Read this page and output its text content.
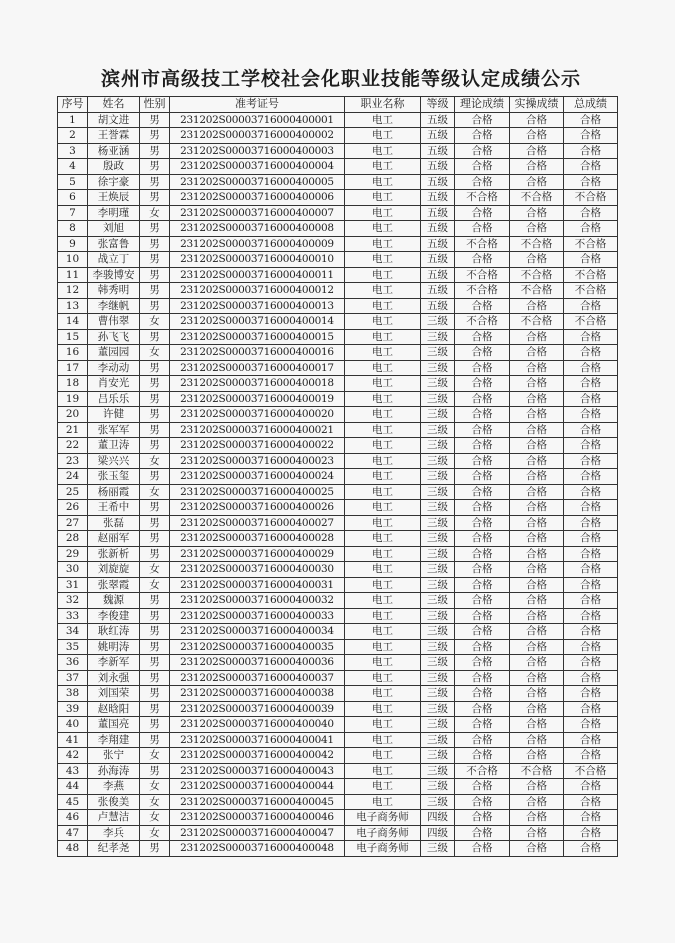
滨州市高级技工学校社会化职业技能等级认定成绩公示
序号	姓名	性别	准考证号	职业名称	等级	理论成绩	实操成绩	总成绩
1	胡文进	男	231202S00003716000400001	电工	五级	合格	合格	合格
2	王誉霖	男	231202S00003716000400002	电工	五级	合格	合格	合格
3	杨亚涵	男	231202S00003716000400003	电工	五级	合格	合格	合格
4	殷政	男	231202S00003716000400004	电工	五级	合格	合格	合格
5	徐宇豪	男	231202S00003716000400005	电工	五级	合格	合格	合格
6	王焕辰	男	231202S00003716000400006	电工	五级	不合格	不合格	不合格
7	李明瑾	女	231202S00003716000400007	电工	五级	合格	合格	合格
8	刘旭	男	231202S00003716000400008	电工	五级	合格	合格	合格
9	张富鲁	男	231202S00003716000400009	电工	五级	不合格	不合格	不合格
10	战立丁	男	231202S00003716000400010	电工	五级	合格	合格	合格
11	李骏博安	男	231202S00003716000400011	电工	五级	不合格	不合格	不合格
12	韩秀明	男	231202S00003716000400012	电工	五级	不合格	不合格	不合格
13	李继帆	男	231202S00003716000400013	电工	五级	合格	合格	合格
14	曹伟翠	女	231202S00003716000400014	电工	三级	不合格	不合格	不合格
15	孙飞飞	男	231202S00003716000400015	电工	三级	合格	合格	合格
16	董园园	女	231202S00003716000400016	电工	三级	合格	合格	合格
17	李动动	男	231202S00003716000400017	电工	三级	合格	合格	合格
18	肖安光	男	231202S00003716000400018	电工	三级	合格	合格	合格
19	吕乐乐	男	231202S00003716000400019	电工	三级	合格	合格	合格
20	许健	男	231202S00003716000400020	电工	三级	合格	合格	合格
21	张军军	男	231202S00003716000400021	电工	三级	合格	合格	合格
22	董卫涛	男	231202S00003716000400022	电工	三级	合格	合格	合格
23	梁兴兴	女	231202S00003716000400023	电工	三级	合格	合格	合格
24	张玉玺	男	231202S00003716000400024	电工	三级	合格	合格	合格
25	杨丽霞	女	231202S00003716000400025	电工	三级	合格	合格	合格
26	王希中	男	231202S00003716000400026	电工	三级	合格	合格	合格
27	张磊	男	231202S00003716000400027	电工	三级	合格	合格	合格
28	赵丽军	男	231202S00003716000400028	电工	三级	合格	合格	合格
29	张新析	男	231202S00003716000400029	电工	三级	合格	合格	合格
30	刘旋旋	女	231202S00003716000400030	电工	三级	合格	合格	合格
31	张翠霞	女	231202S00003716000400031	电工	三级	合格	合格	合格
32	魏源	男	231202S00003716000400032	电工	三级	合格	合格	合格
33	李俊建	男	231202S00003716000400033	电工	三级	合格	合格	合格
34	耿红涛	男	231202S00003716000400034	电工	三级	合格	合格	合格
35	姚明涛	男	231202S00003716000400035	电工	三级	合格	合格	合格
36	李新军	男	231202S00003716000400036	电工	三级	合格	合格	合格
37	刘永强	男	231202S00003716000400037	电工	三级	合格	合格	合格
38	刘国荣	男	231202S00003716000400038	电工	三级	合格	合格	合格
39	赵晗阳	男	231202S00003716000400039	电工	三级	合格	合格	合格
40	董国亮	男	231202S00003716000400040	电工	三级	合格	合格	合格
41	李翔建	男	231202S00003716000400041	电工	三级	合格	合格	合格
42	张宁	女	231202S00003716000400042	电工	三级	合格	合格	合格
43	孙海涛	男	231202S00003716000400043	电工	三级	不合格	不合格	不合格
44	李燕	女	231202S00003716000400044	电工	三级	合格	合格	合格
45	张俊美	女	231202S00003716000400045	电工	三级	合格	合格	合格
46	卢慧洁	女	231202S00003716000400046	电子商务师	四级	合格	合格	合格
47	李兵	女	231202S00003716000400047	电子商务师	四级	合格	合格	合格
48	纪孝尧	男	231202S00003716000400048	电子商务师	三级	合格	合格	合格
